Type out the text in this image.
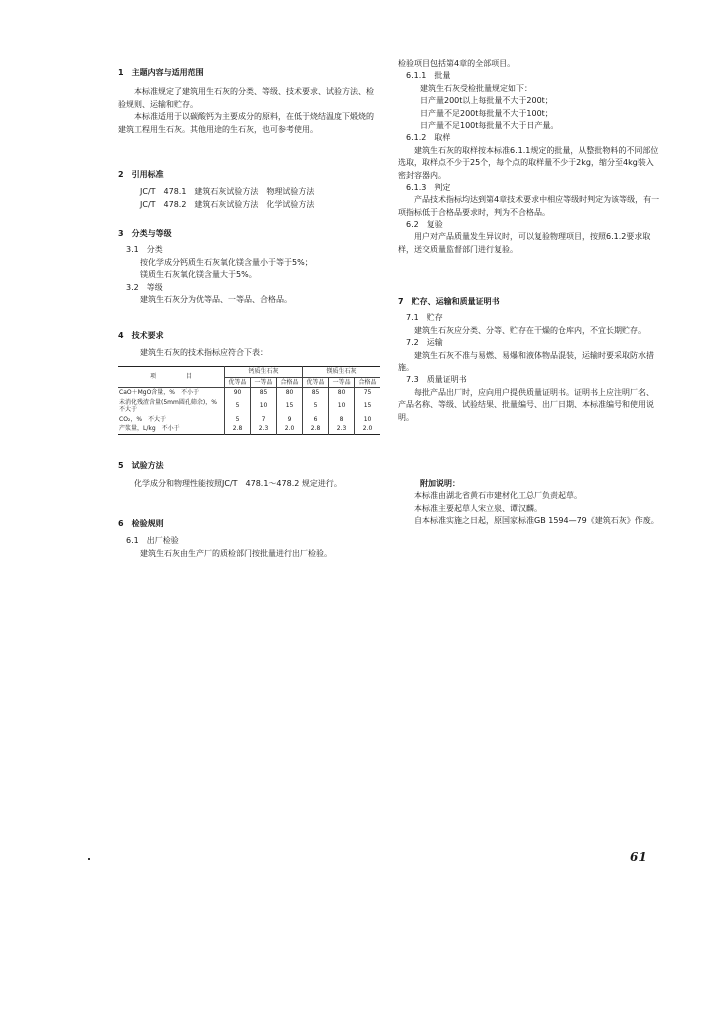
1　主题内容与适用范围

本标准规定了建筑用生石灰的分类、等级、技术要求、试验方法、检验规则、运输和贮存。

本标准适用于以碳酸钙为主要成分的原料，在低于烧结温度下煅烧的建筑工程用生石灰。其他用途的生石灰，也可参考使用。

2　引用标准

JC/T　478.1　建筑石灰试验方法　物理试验方法

JC/T　478.2　建筑石灰试验方法　化学试验方法

3　分类与等级

3.1　分类

按化学成分钙质生石灰氧化镁含量小于等于5%；

镁质生石灰氧化镁含量大于5%。

3.2　等级

建筑生石灰分为优等品、一等品、合格品。

4　技术要求

建筑生石灰的技术指标应符合下表：

项　　　　　目	钙质生石灰			镁质生石灰		
	优等品	一等品	合格品	优等品	一等品	合格品
CaO＋MgO含量，%　不小于	90	85	80	85	80	75
未消化残渣含量(5mm圆孔筛余)，%　不大于	5	10	15	5	10	15
CO₂，%　不大于	5	7	9	6	8	10
产浆量，L/kg　不小于	2.8	2.3	2.0	2.8	2.3	2.0

5　试验方法

化学成分和物理性能按照JC/T　478.1～478.2 规定进行。

6　检验规则

6.1　出厂检验

建筑生石灰由生产厂的质检部门按批量进行出厂检验。

检验项目包括第4章的全部项目。

6.1.1　批量

建筑生石灰受检批量规定如下：

日产量200t以上每批量不大于200t；

日产量不足200t每批量不大于100t；

日产量不足100t每批量不大于日产量。

6.1.2　取样

建筑生石灰的取样按本标准6.1.1规定的批量，从整批物料的不同部位选取，取样点不少于25个，每个点的取样量不少于2kg，缩分至4kg装入密封容器内。

6.1.3　判定

产品技术指标均达到第4章技术要求中相应等级时判定为该等级，有一项指标低于合格品要求时，判为不合格品。

6.2　复验

用户对产品质量发生异议时，可以复验物理项目，按照6.1.2要求取样，送交质量监督部门进行复验。

7　贮存、运输和质量证明书

7.1　贮存

建筑生石灰应分类、分等、贮存在干燥的仓库内，不宜长期贮存。

7.2　运输

建筑生石灰不准与易燃、易爆和液体物品混装，运输时要采取防水措施。

7.3　质量证明书

每批产品出厂时，应向用户提供质量证明书。证明书上应注明厂名、产品名称、等级、试验结果、批量编号、出厂日期、本标准编号和使用说明。

附加说明：

本标准由湖北省黄石市建材化工总厂负责起草。

本标准主要起草人宋立泉、谭汉麟。

自本标准实施之日起，原国家标准GB 1594—79《建筑石灰》作废。

61
